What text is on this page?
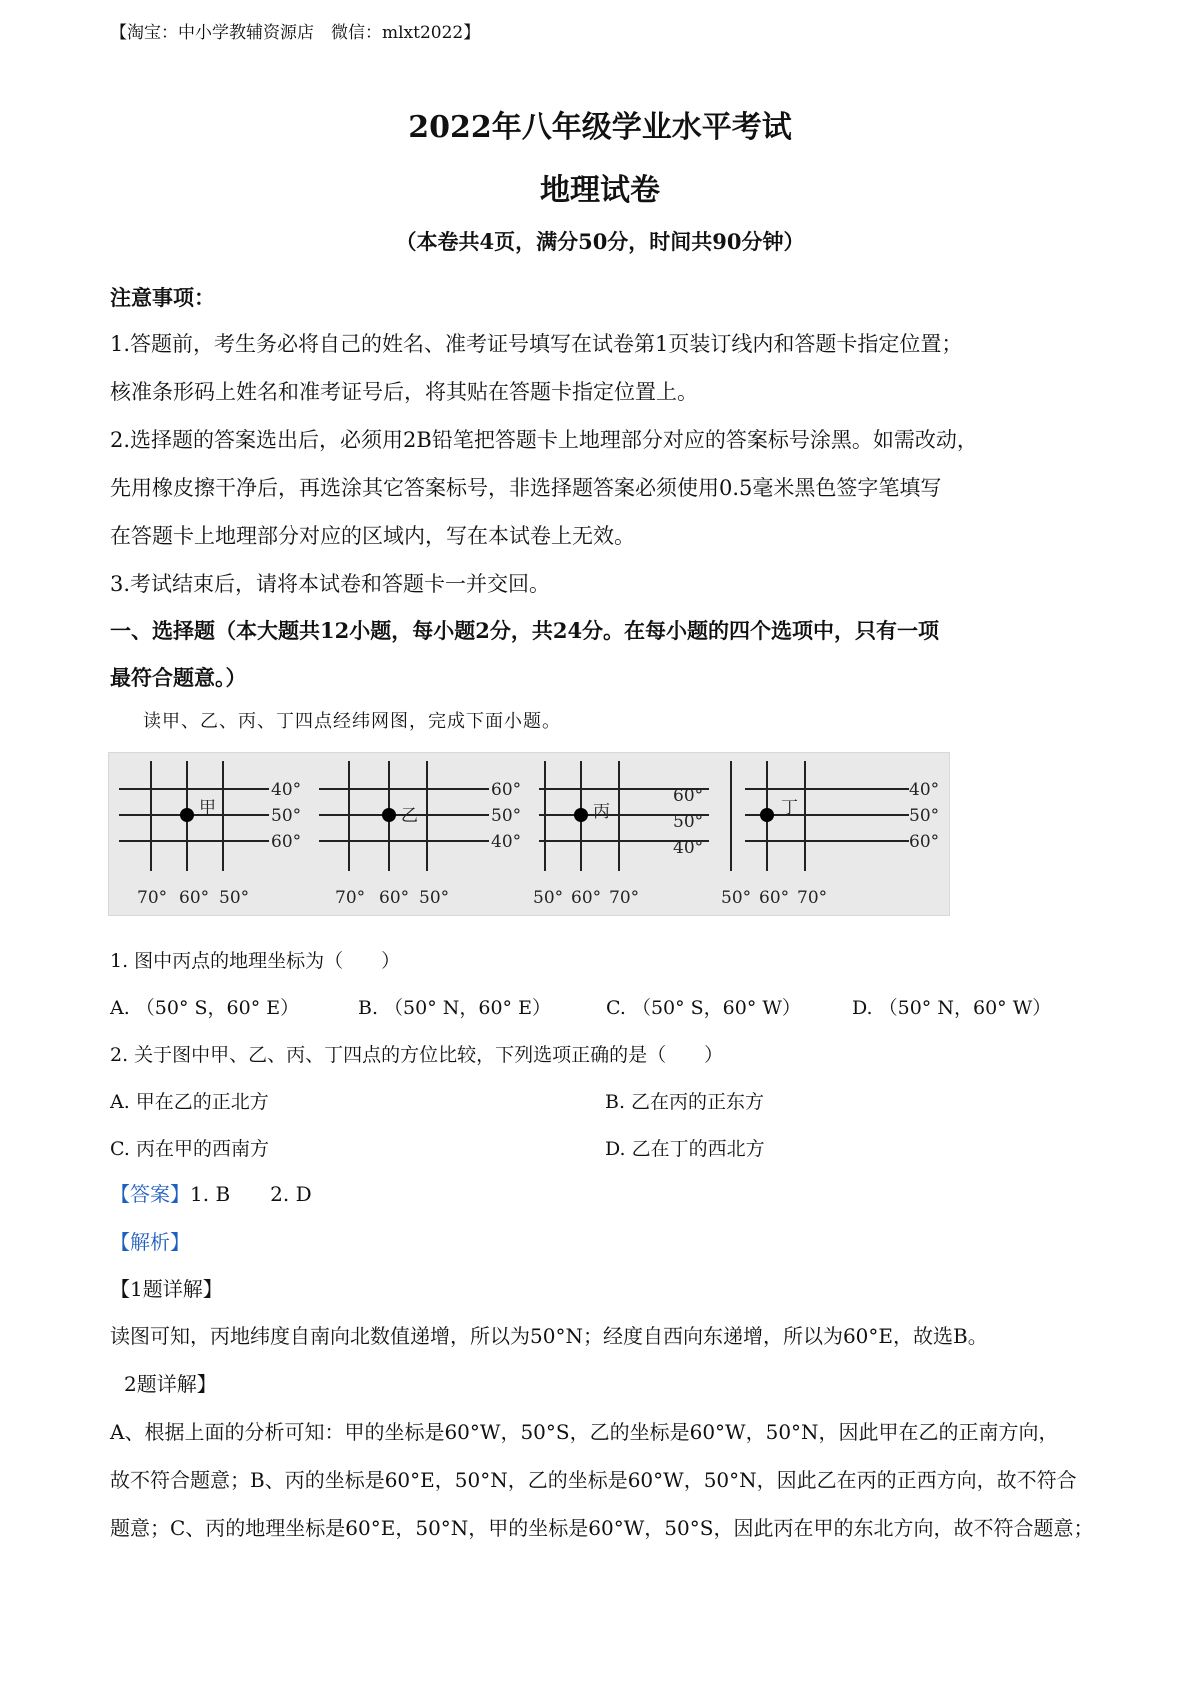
【淘宝：中小学教辅资源店　微信：mlxt2022】
2022年八年级学业水平考试
地理试卷
（本卷共4页，满分50分，时间共90分钟）
注意事项：
1.答题前，考生务必将自己的姓名、准考证号填写在试卷第1页装订线内和答题卡指定位置；
核准条形码上姓名和准考证号后，将其贴在答题卡指定位置上。
2.选择题的答案选出后，必须用2B铅笔把答题卡上地理部分对应的答案标号涂黑。如需改动，
先用橡皮擦干净后，再选涂其它答案标号，非选择题答案必须使用0.5毫米黑色签字笔填写
在答题卡上地理部分对应的区域内，写在本试卷上无效。
3.考试结束后，请将本试卷和答题卡一并交回。
一、选择题（本大题共12小题，每小题2分，共24分。在每小题的四个选项中，只有一项
最符合题意。）
读甲、乙、丙、丁四点经纬网图，完成下面小题。
甲
40°
50°
60°
70° 60° 50°
乙
60°
50°
40°
70° 60° 50°
丙
60°
50°
40°
50° 60° 70°
丁
40°
50°
60°
50° 60° 70°
1. 图中丙点的地理坐标为（　　）
A. （50° S，60° E）	B. （50° N，60° E）	C. （50° S，60° W）	D. （50° N，60° W）
2. 关于图中甲、乙、丙、丁四点的方位比较，下列选项正确的是（　　）
A. 甲在乙的正北方	B. 乙在丙的正东方
C. 丙在甲的西南方	D. 乙在丁的西北方
【答案】1. B　　2. D
【解析】
【1题详解】
读图可知，丙地纬度自南向北数值递增，所以为50°N；经度自西向东递增，所以为60°E，故选B。
2题详解】
A、根据上面的分析可知：甲的坐标是60°W，50°S，乙的坐标是60°W，50°N，因此甲在乙的正南方向，
故不符合题意；B、丙的坐标是60°E，50°N，乙的坐标是60°W，50°N，因此乙在丙的正西方向，故不符合
题意；C、丙的地理坐标是60°E，50°N，甲的坐标是60°W，50°S，因此丙在甲的东北方向，故不符合题意；
